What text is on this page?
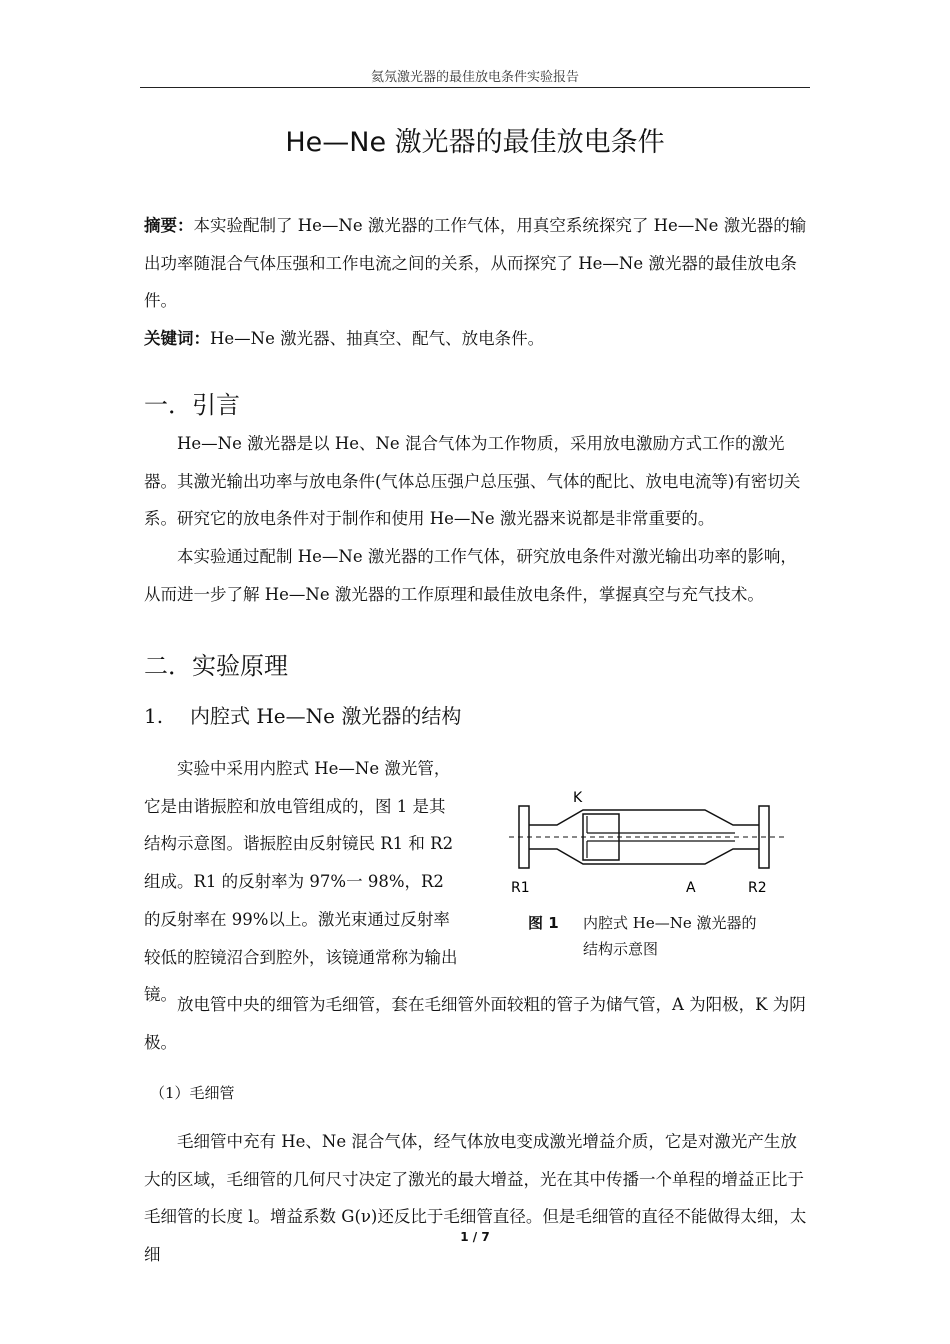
氦氖激光器的最佳放电条件实验报告
He—Ne 激光器的最佳放电条件

摘要：本实验配制了 He—Ne 激光器的工作气体，用真空系统探究了 He—Ne 激光器的输出功率随混合气体压强和工作电流之间的关系，从而探究了 He—Ne 激光器的最佳放电条件。

关键词：He—Ne 激光器、抽真空、配气、放电条件。

一．引言

He—Ne 激光器是以 He、Ne 混合气体为工作物质，采用放电激励方式工作的激光器。其激光输出功率与放电条件(气体总压强户总压强、气体的配比、放电电流等)有密切关系。研究它的放电条件对于制作和使用 He—Ne 激光器来说都是非常重要的。

本实验通过配制 He—Ne 激光器的工作气体，研究放电条件对激光输出功率的影响，从而进一步了解 He—Ne 激光器的工作原理和最佳放电条件，掌握真空与充气技术。

二．实验原理
1. 内腔式 He—Ne 激光器的结构

实验中采用内腔式 He—Ne 激光管，它是由谐振腔和放电管组成的，图 1 是其结构示意图。谐振腔由反射镜民 R1 和 R2 组成。R1 的反射率为 97%一 98%，R2 的反射率在 99%以上。激光束通过反射率较低的腔镜沼合到腔外，该镜通常称为输出镜。

K
R1	A	R2
图 1 内腔式 He—Ne 激光器的
结构示意图

放电管中央的细管为毛细管，套在毛细管外面较粗的管子为储气管，A 为阳极，K 为阴极。

（1）毛细管

毛细管中充有 He、Ne 混合气体，经气体放电变成激光增益介质，它是对激光产生放大的区域，毛细管的几何尺寸决定了激光的最大增益，光在其中传播一个单程的增益正比于毛细管的长度 l。增益系数 G(ν)还反比于毛细管直径。但是毛细管的直径不能做得太细，太细

1 / 7
